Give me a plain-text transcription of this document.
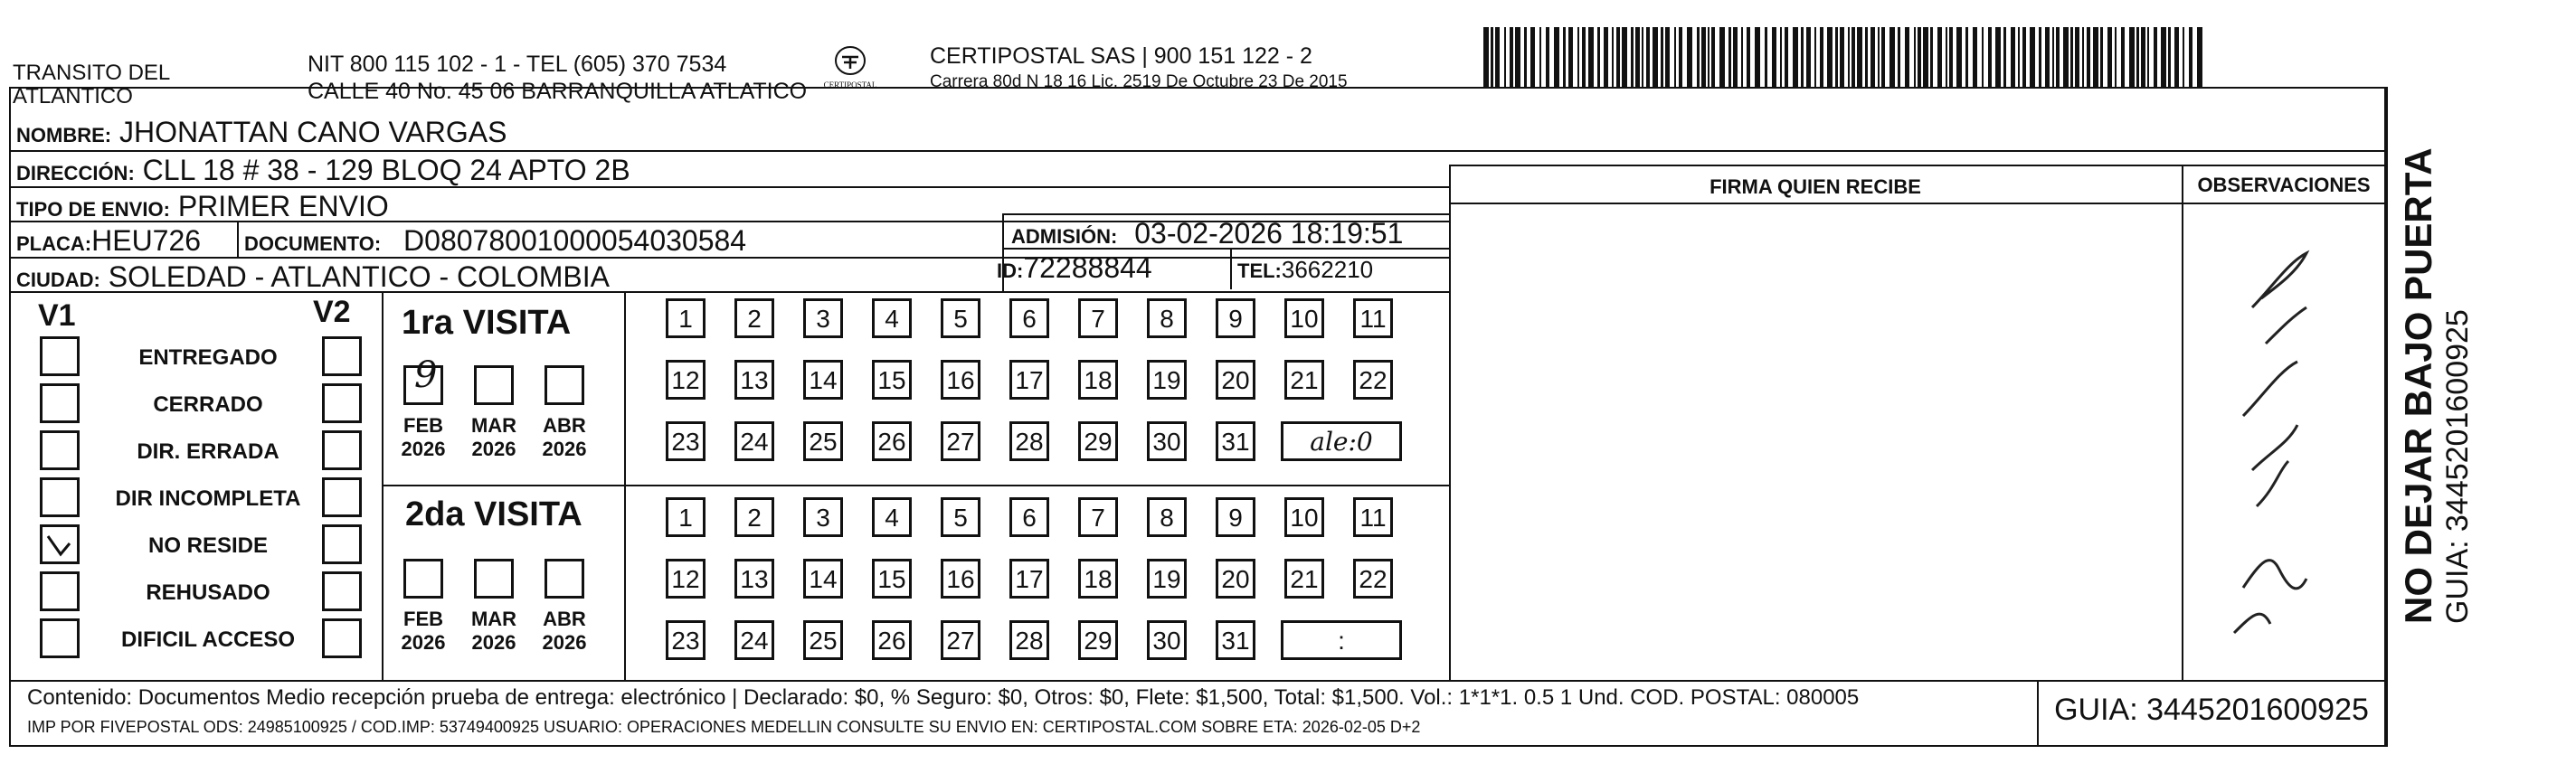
TRANSITO DEL
ATLANTICO
NIT 800 115 102 - 1 - TEL (605) 370 7534
CALLE 40 No. 45 06 BARRANQUILLA ATLATICO	CERTIPOSTAL
CERTIPOSTAL SAS | 900 151 122 - 2
Carrera 80d N 18 16 Lic. 2519 De Octubre 23 De 2015
NOMBRE: JHONATTAN CANO VARGAS
DIRECCIÓN: CLL 18 # 38 - 129 BLOQ 24 APTO 2B
TIPO DE ENVIO: PRIMER ENVIO
PLACA:HEU726 DOCUMENTO: D08078001000054030584	ADMISIÓN: 03-02-2026 18:19:51
CIUDAD: SOLEDAD - ATLANTICO - COLOMBIA	ID:72288844	TEL:3662210
FIRMA QUIEN RECIBE	OBSERVACIONES
V1	V2
ENTREGADO
CERRADO
DIR. ERRADA
DIR INCOMPLETA
NO RESIDE
REHUSADO
DIFICIL ACCESO
1ra VISITA
2da VISITA
FEB
2026
MAR
2026
ABR
2026
FEB
2026
MAR
2026
ABR
2026
9
1	2	3	4	5	6	7	8	9	10 11
12 13 14 15 16 17 18 19 20 21 22
23 24 25 26 27 28 29 30 31	ale:0
1	2	3	4	5	6	7	8	9	10 11
12 13 14 15 16 17 18 19 20 21 22
23 24 25 26 27 28 29 30 31	:
Contenido: Documentos Medio recepción prueba de entrega: electrónico | Declarado: $0, % Seguro: $0, Otros: $0, Flete: $1,500, Total: $1,500. Vol.: 1*1*1. 0.5 1 Und. COD. POSTAL: 080005
IMP POR FIVEPOSTAL ODS: 24985100925 / COD.IMP: 53749400925 USUARIO: OPERACIONES MEDELLIN CONSULTE SU ENVIO EN: CERTIPOSTAL.COM SOBRE ETA: 2026-02-05 D+2	GUIA: 3445201600925
NO DEJAR BAJO PUERTA GUIA: 3445201600925
